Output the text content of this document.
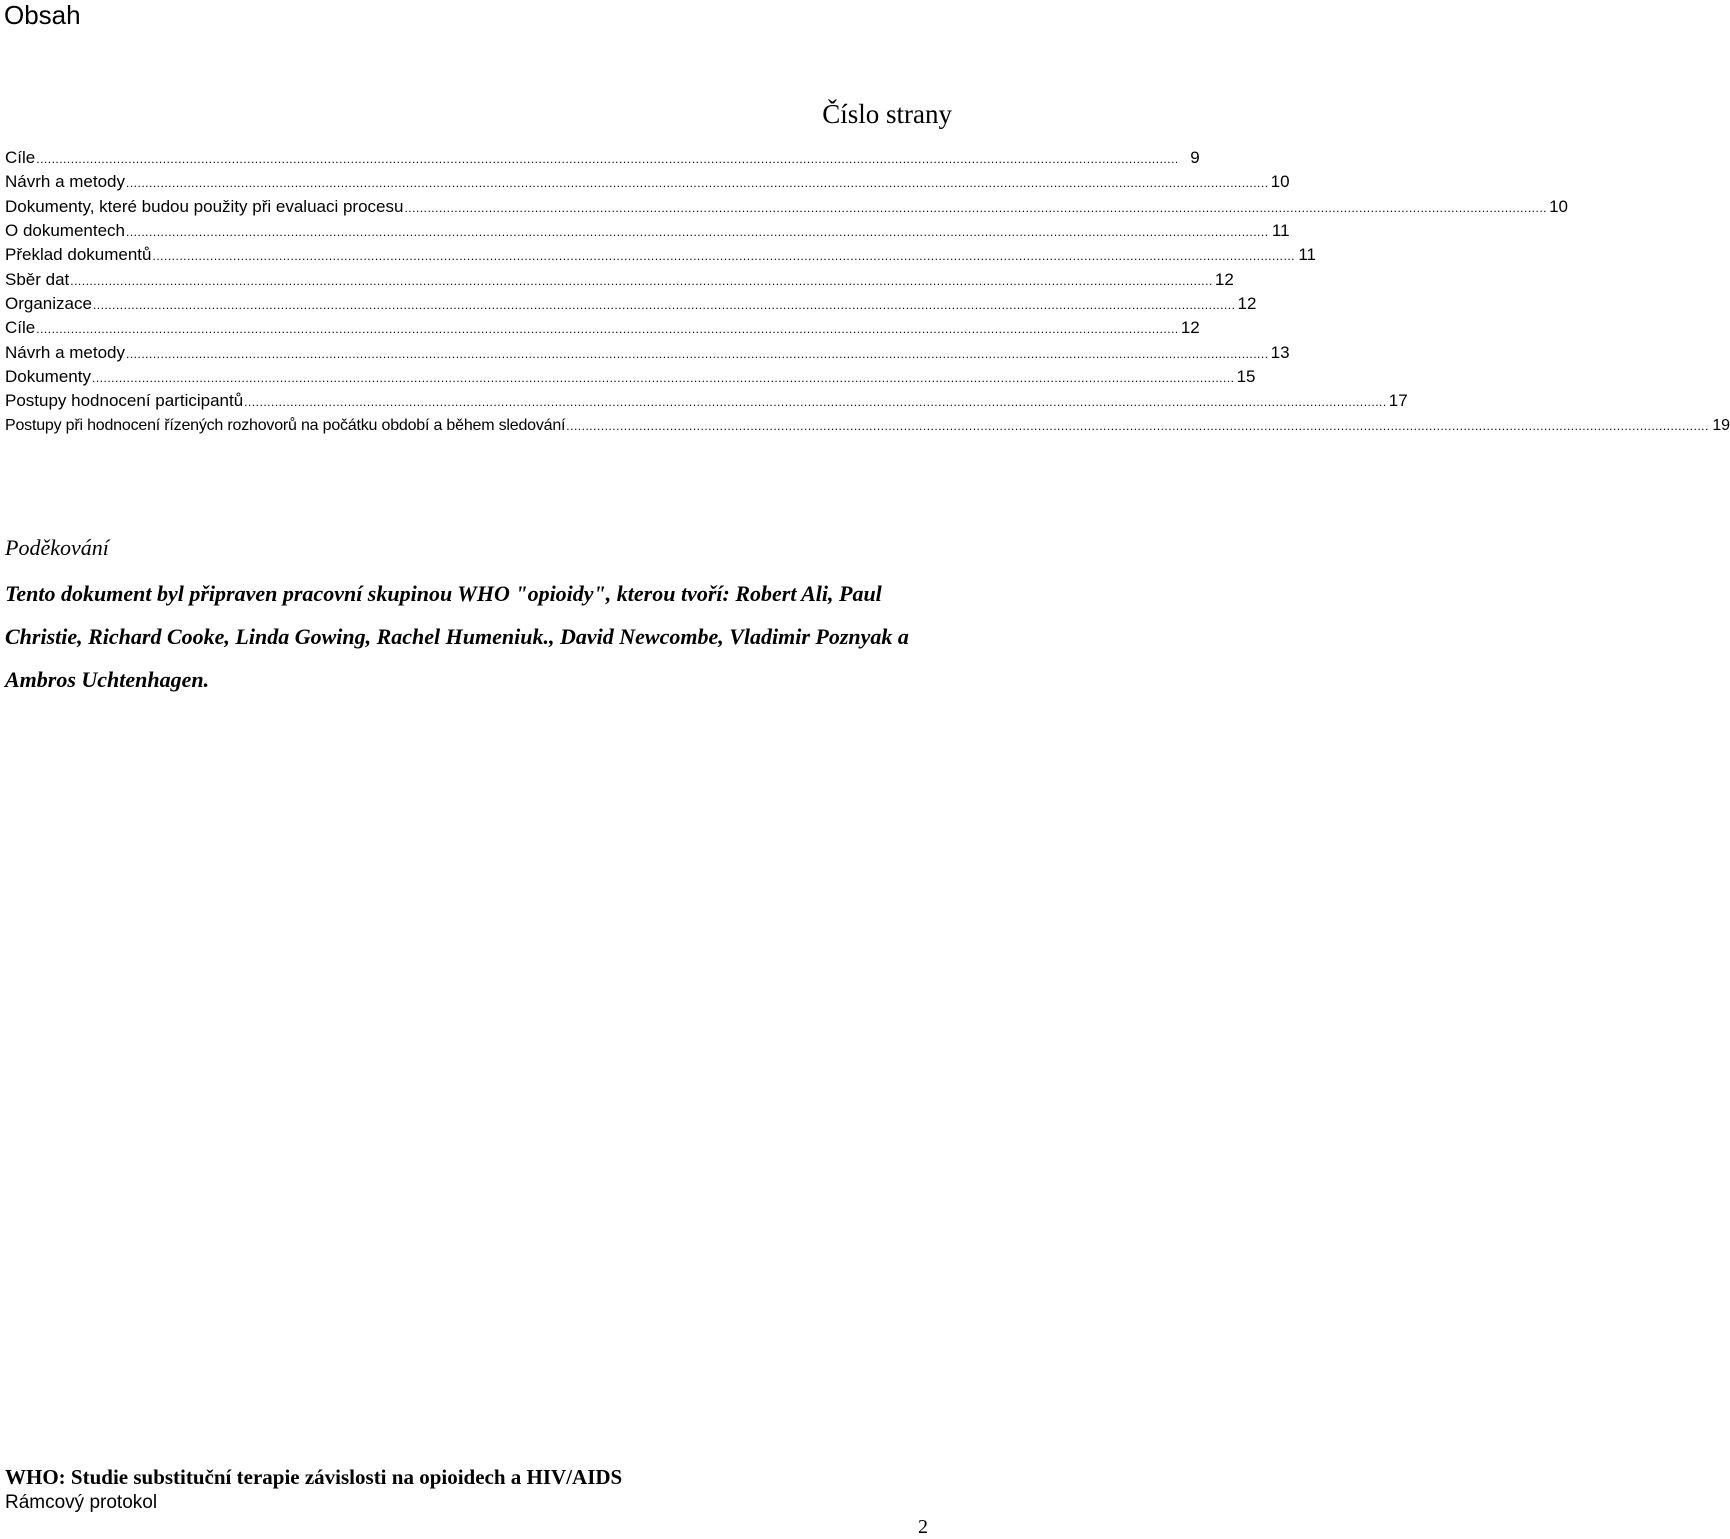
Obsah
Číslo strany
Cíle .....	9
Návrh a metody .....	10
Dokumenty, které budou použity při evaluaci procesu .....	10
O dokumentech .....	11
Překlad dokumentů .....	11
Sběr dat .....	12
Organizace .....	12
Cíle .....	12
Návrh a metody .....	13
Dokumenty .....	15
Postupy hodnocení participantů .....	17
Postupy při hodnocení řízených rozhovorů na počátku období a během sledování .....	19
Poděkování

Tento dokument byl připraven pracovní skupinou WHO "opioidy", kterou tvoří: Robert Ali, Paul Christie, Richard Cooke, Linda Gowing, Rachel Humeniuk., David Newcombe, Vladimir Poznyak a Ambros Uchtenhagen.

WHO: Studie substituční terapie závislosti na opioidech a HIV/AIDS
Rámcový protokol
2
